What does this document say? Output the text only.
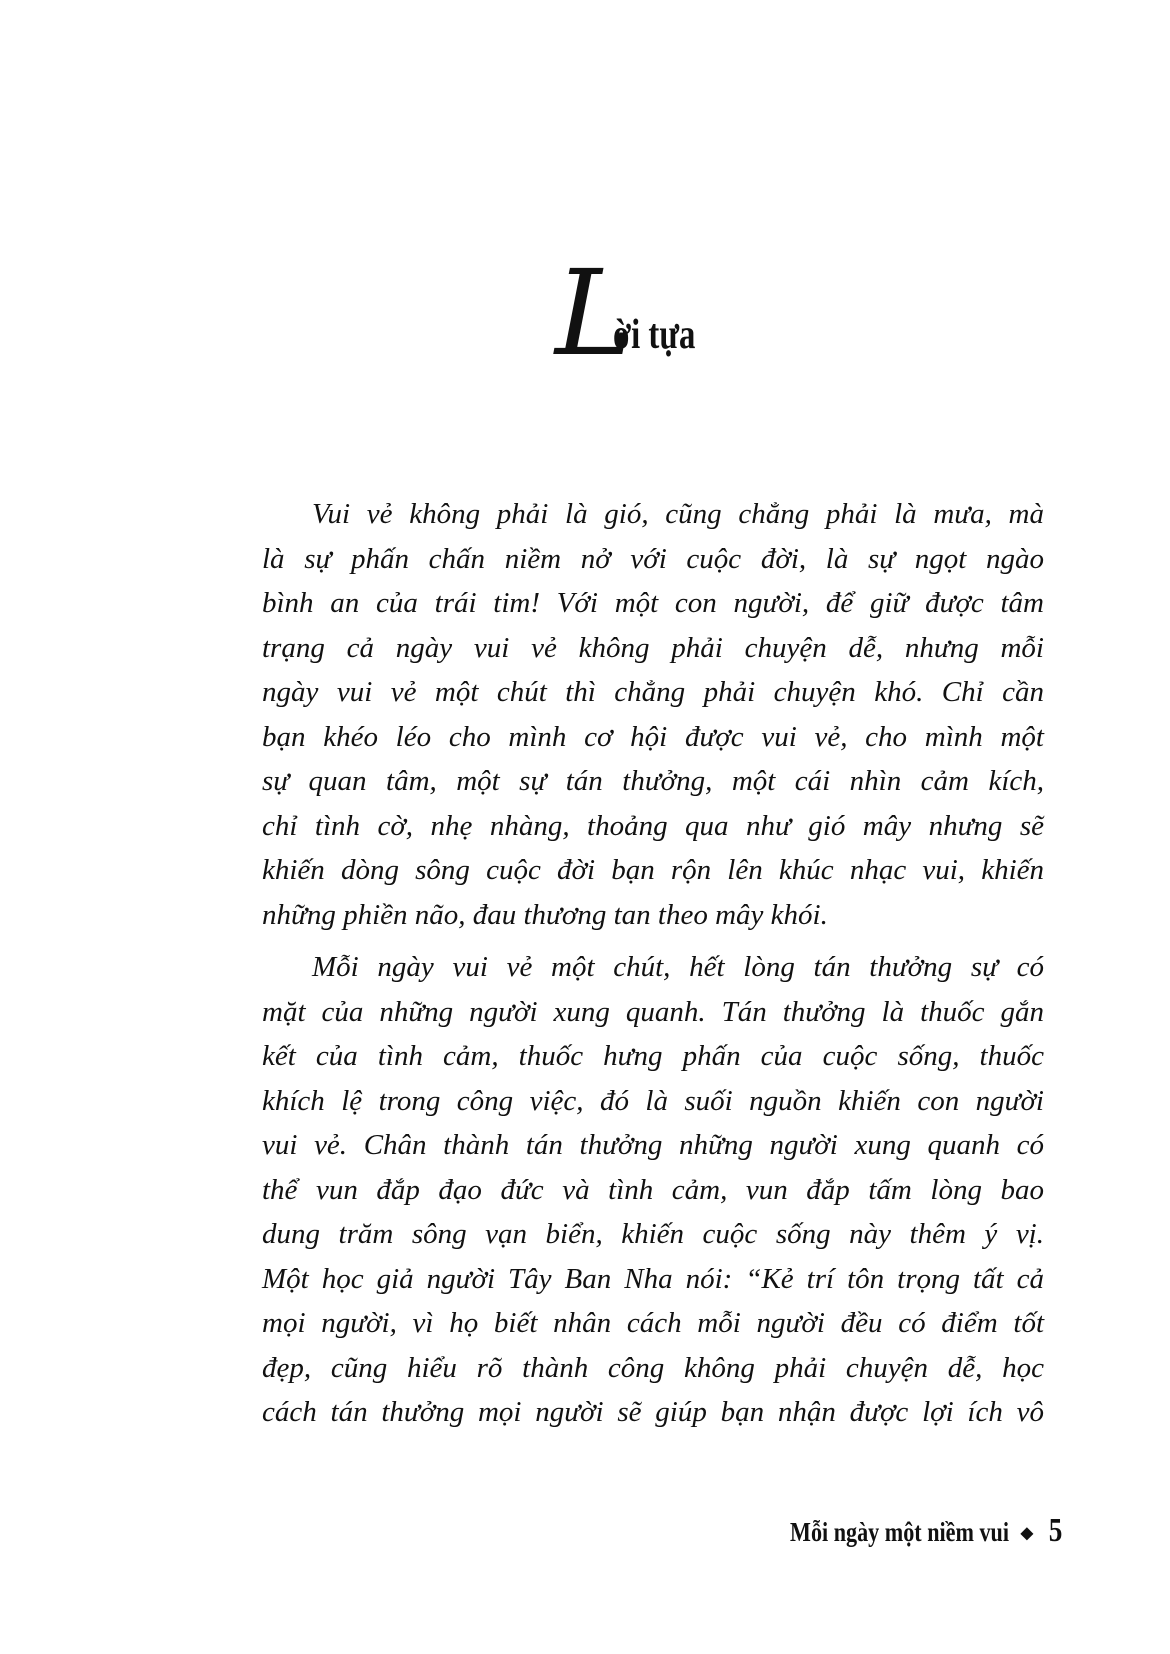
L
ời tựa
Vui vẻ không phải là gió, cũng chẳng phải là mưa, mà
là sự phấn chấn niềm nở với cuộc đời, là sự ngọt ngào
bình an của trái tim! Với một con người, để giữ được tâm
trạng cả ngày vui vẻ không phải chuyện dễ, nhưng mỗi
ngày vui vẻ một chút thì chẳng phải chuyện khó. Chỉ cần
bạn khéo léo cho mình cơ hội được vui vẻ, cho mình một
sự quan tâm, một sự tán thưởng, một cái nhìn cảm kích,
chỉ tình cờ, nhẹ nhàng, thoảng qua như gió mây nhưng sẽ
khiến dòng sông cuộc đời bạn rộn lên khúc nhạc vui, khiến
những phiền não, đau thương tan theo mây khói.
Mỗi ngày vui vẻ một chút, hết lòng tán thưởng sự có
mặt của những người xung quanh. Tán thưởng là thuốc gắn
kết của tình cảm, thuốc hưng phấn của cuộc sống, thuốc
khích lệ trong công việc, đó là suối nguồn khiến con người
vui vẻ. Chân thành tán thưởng những người xung quanh có
thể vun đắp đạo đức và tình cảm, vun đắp tấm lòng bao
dung trăm sông vạn biển, khiến cuộc sống này thêm ý vị.
Một học giả người Tây Ban Nha nói: “Kẻ trí tôn trọng tất cả
mọi người, vì họ biết nhân cách mỗi người đều có điểm tốt
đẹp, cũng hiểu rõ thành công không phải chuyện dễ, học
cách tán thưởng mọi người sẽ giúp bạn nhận được lợi ích vô
Mỗi ngày một niềm vui ◆ 5
